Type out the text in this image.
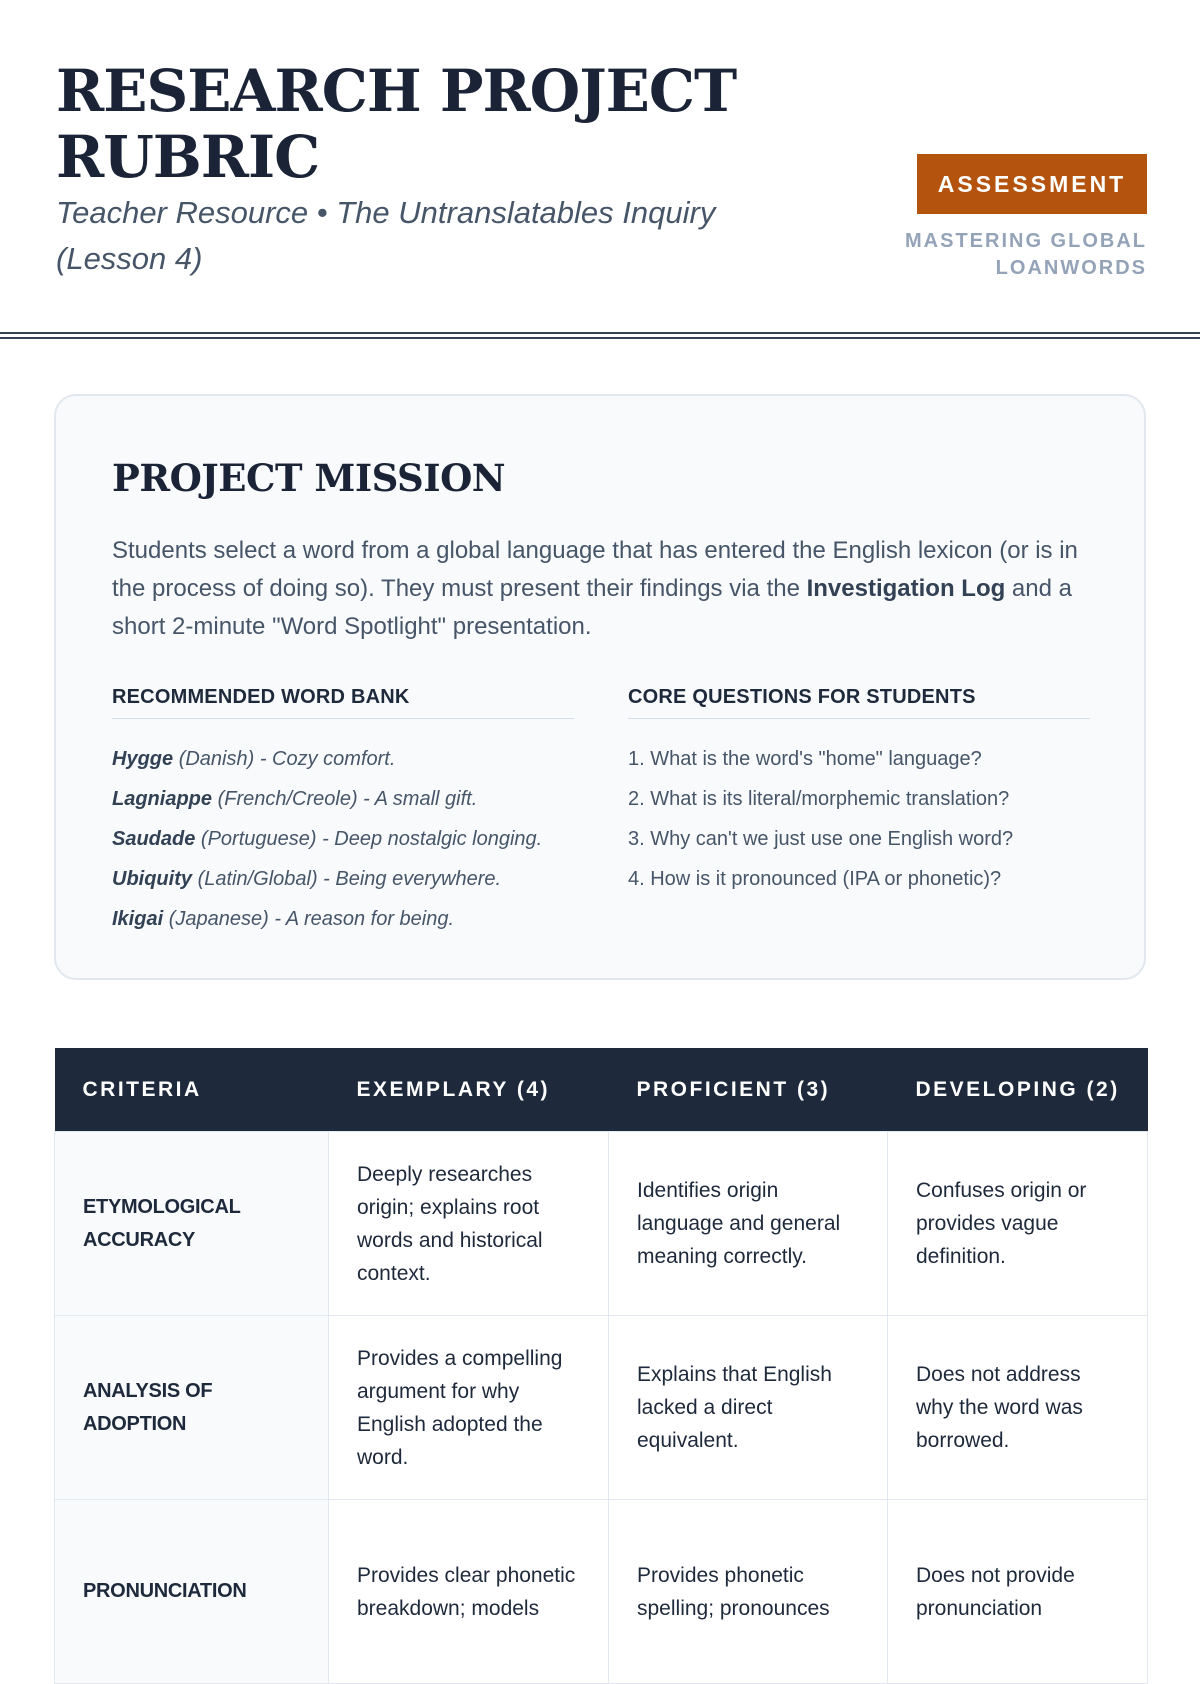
RESEARCH PROJECT RUBRIC

Teacher Resource • The Untranslatables Inquiry (Lesson 4)

ASSESSMENT
MASTERING GLOBAL LOANWORDS
PROJECT MISSION

Students select a word from a global language that has entered the English lexicon (or is in the process of doing so). They must present their findings via the Investigation Log and a short 2-minute "Word Spotlight" presentation.

RECOMMENDED WORD BANK
Hygge (Danish) - Cozy comfort.
Lagniappe (French/Creole) - A small gift.
Saudade (Portuguese) - Deep nostalgic longing.
Ubiquity (Latin/Global) - Being everywhere.
Ikigai (Japanese) - A reason for being.
CORE QUESTIONS FOR STUDENTS
1. What is the word's "home" language?
2. What is its literal/morphemic translation?
3. Why can't we just use one English word?
4. How is it pronounced (IPA or phonetic)?
CRITERIA	EXEMPLARY (4)	PROFICIENT (3)	DEVELOPING (2)
ETYMOLOGICAL ACCURACY	Deeply researches origin; explains root words and historical context.	Identifies origin language and general meaning correctly.	Confuses origin or provides vague definition.
ANALYSIS OF ADOPTION	Provides a compelling argument for why English adopted the word.	Explains that English lacked a direct equivalent.	Does not address why the word was borrowed.
PRONUNCIATION	Provides clear phonetic breakdown; models	Provides phonetic spelling; pronounces	Does not provide pronunciation
